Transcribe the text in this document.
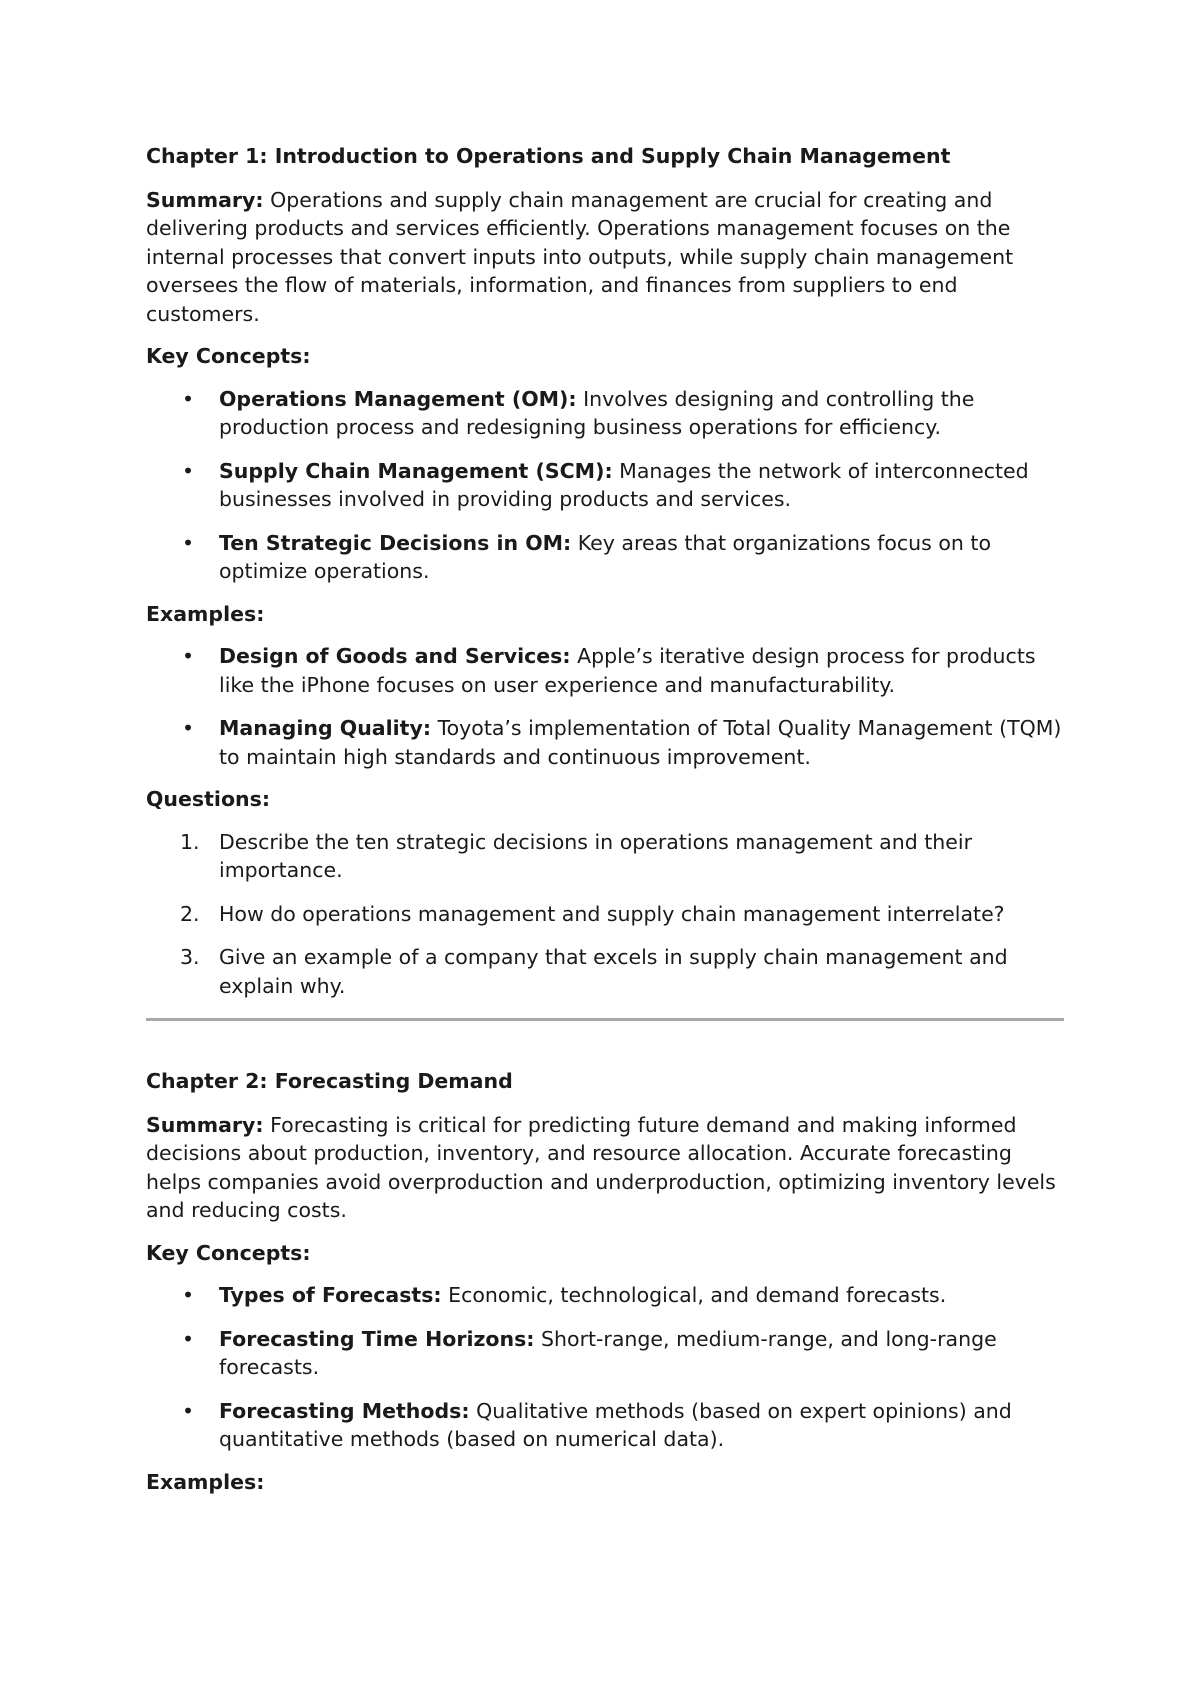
Chapter 1: Introduction to Operations and Supply Chain Management

Summary: Operations and supply chain management are crucial for creating and delivering products and services efficiently. Operations management focuses on the internal processes that convert inputs into outputs, while supply chain management oversees the flow of materials, information, and finances from suppliers to end customers.

Key Concepts:
• Operations Management (OM): Involves designing and controlling the production process and redesigning business operations for efficiency.
• Supply Chain Management (SCM): Manages the network of interconnected businesses involved in providing products and services.
• Ten Strategic Decisions in OM: Key areas that organizations focus on to optimize operations.
Examples:
• Design of Goods and Services: Apple’s iterative design process for products like the iPhone focuses on user experience and manufacturability.
• Managing Quality: Toyota’s implementation of Total Quality Management (TQM) to maintain high standards and continuous improvement.
Questions:
1. Describe the ten strategic decisions in operations management and their importance.
2. How do operations management and supply chain management interrelate?
3. Give an example of a company that excels in supply chain management and explain why.
Chapter 2: Forecasting Demand

Summary: Forecasting is critical for predicting future demand and making informed decisions about production, inventory, and resource allocation. Accurate forecasting helps companies avoid overproduction and underproduction, optimizing inventory levels and reducing costs.

Key Concepts:
• Types of Forecasts: Economic, technological, and demand forecasts.
• Forecasting Time Horizons: Short-range, medium-range, and long-range forecasts.
• Forecasting Methods: Qualitative methods (based on expert opinions) and quantitative methods (based on numerical data).
Examples:
